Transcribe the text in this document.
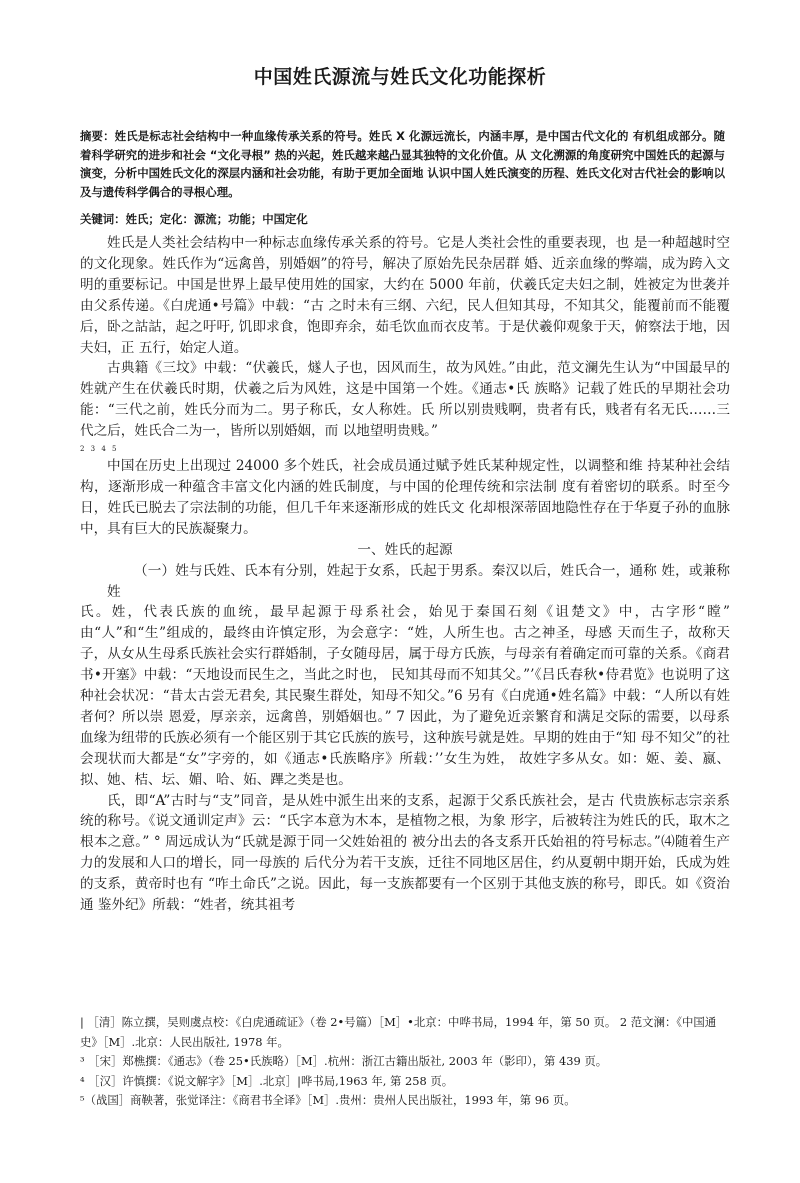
中国姓氏源流与姓氏文化功能探析
摘要：姓氏是标志社会结构中一种血缘传承关系的符号。姓氏 X 化源远流长，内涵丰厚，是中国古代文化的 有机组成部分。随着科学研究的进步和社会 “文化寻根” 热的兴起，姓氏越来越凸显其独特的文化价值。从 文化溯源的角度研究中国姓氏的起源与演变，分析中国姓氏文化的深层内涵和社会功能，有助于更加全面地 认识中国人姓氏演变的历程、姓氏文化对古代社会的影响以及与遗传科学偶合的寻根心理。
关键词：姓氏；定化：源流；功能；中国定化

姓氏是人类社会结构中一种标志血缘传承关系的符号。它是人类社会性的重要表现，也 是一种超越时空的文化现象。姓氏作为“远禽兽，别婚姻”的符号，解决了原始先民杂居群 婚、近亲血缘的弊端，成为跨入文明的重要标记。中国是世界上最早使用姓的国家，大约在 5000 年前，伏羲氏定夫妇之制，姓被定为世袭并由父系传递。《白虎通•号篇》中载：“古 之时未有三纲、六纪，民人但知其母，不知其父，能覆前而不能覆后，卧之詁詁，起之吁吁, 饥即求食，饱即弃余，茹毛饮血而衣皮苇。于是伏羲仰观象于天，俯察法于地，因夫妇，正 五行，始定人道。

古典籍《三坟》中载：“伏羲氏，燧人子也，因风而生，故为风姓。”由此，范文澜先生认为“中国最早的姓就产生在伏羲氏时期，伏羲之后为风姓，这是中国第一个姓。《通志•氏 族略》记载了姓氏的早期社会功能：“三代之前，姓氏分而为二。男子称氏，女人称姓。氏 所以别贵贱啊，贵者有氏，贱者有名无氏……三代之后，姓氏合二为一，皆所以别婚姻，而 以地望明贵贱。”

2 3 4 5

中国在历史上出现过 24000 多个姓氏，社会成员通过赋予姓氏某种规定性，以调整和维 持某种社会结构，逐渐形成一种蕴含丰富文化内涵的姓氏制度，与中国的伦理传统和宗法制 度有着密切的联系。时至今日，姓氏已脱去了宗法制的功能，但几千年来逐渐形成的姓氏文 化却根深蒂固地隐性存在于华夏子孙的血脉中，具有巨大的民族凝聚力。

一、姓氏的起源

（一）姓与氏姓、氏本有分别，姓起于女系，氏起于男系。秦汉以后，姓氏合一，通称 姓，或兼称姓

氏。姓，代表氏族的血统，最早起源于母系社会，始见于秦国石刻《诅楚文》中，古字形“瞠” 由“人”和“生”组成的，最终由许慎定形，为会意字：“姓，人所生也。古之神圣，母感 天而生子，故称天子，从女从生母系氏族社会实行群婚制，子女随母居，属于母方氏族，与母亲有着确定而可靠的关系。《商君书•开塞》中载：“天地设而民生之，当此之时也， 民知其母而不知其父。”’《吕氏春秋•侍君览》也说明了这种社会状况：“昔太古尝无君矣, 其民聚生群处，知母不知父。”6 另有《白虎通•姓名篇》中载：“人所以有姓者何？所以崇 恩爱，厚亲亲，远禽兽，别婚姻也。” 7 因此，为了避免近亲繁育和满足交际的需要，以母系 血缘为纽带的氏族必须有一个能区别于其它氏族的族号，这种族号就是姓。早期的姓由于“知 母不知父”的社会现状而大都是“女”字旁的，如《通志•氏族略序》所载：’’女生为姓， 故姓字多从女。如：姬、姜、嬴、拟、她、桔、坛、媚、哈、妬、蹕之类是也。

氏，即“A”古时与“支”同音，是从姓中派生出来的支系，起源于父系氏族社会，是古 代贵族标志宗亲系统的称号。《说文通训定声》云：“氏字本意为木本，是植物之根，为象 形字，后被转注为姓氏的氏，取木之根本之意。” ° 周远成认为“氏就是源于同一父姓始祖的 被分出去的各支系开氏始祖的符号标志。”⑷随着生产力的发展和人口的增长，同一母族的 后代分为若干支族，迁往不同地区居住，约从夏朝中期开始，氏成为姓的支系，黄帝时也有 “咋土命氏”之说。因此，每一支族都要有一个区别于其他支族的称号，即氏。如《资治通 鉴外纪》所载：“姓者，统其祖考

| ［清］陈立撰，吴则虞点校：《白虎通疏证》（卷 2•号篇）［M］•北京：中哗书局，1994 年，第 50 页。 2 范文澜：《中国通史》［M］.北京：人民出版社, 1978 年。

³ ［宋］郑樵撰：《通志》（卷 25•氏族略）［M］.杭州：浙江古籍出版社, 2003 年（影印），第 439 页。

⁴ ［汉］许慎撰：《说文解字》［M］.北京］|哗书局,1963 年, 第 258 页。

⁵（战国］商鞅著，张觉译注：《商君书全译》［M］.贵州：贵州人民出版社，1993 年，第 96 页。
